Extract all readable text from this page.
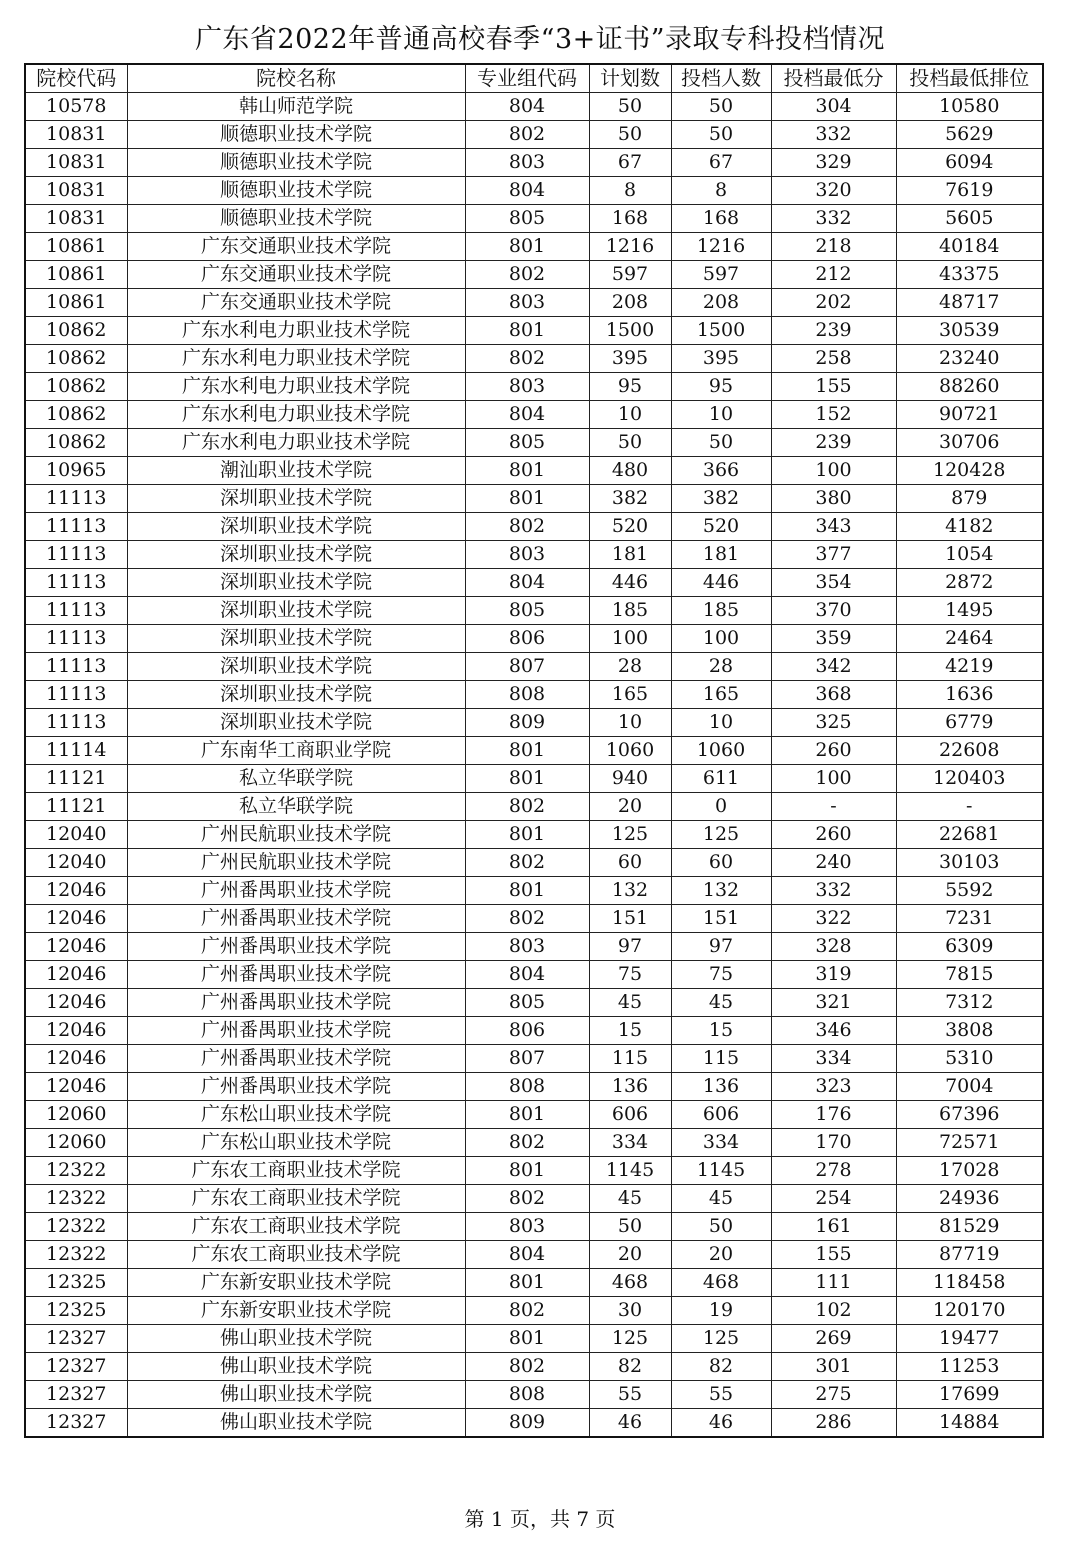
广东省2022年普通高校春季“3+证书”录取专科投档情况
院校代码	院校名称	专业组代码	计划数	投档人数	投档最低分	投档最低排位
10578	韩山师范学院	804	50	50	304	10580
10831	顺德职业技术学院	802	50	50	332	5629
10831	顺德职业技术学院	803	67	67	329	6094
10831	顺德职业技术学院	804	8	8	320	7619
10831	顺德职业技术学院	805	168	168	332	5605
10861	广东交通职业技术学院	801	1216	1216	218	40184
10861	广东交通职业技术学院	802	597	597	212	43375
10861	广东交通职业技术学院	803	208	208	202	48717
10862	广东水利电力职业技术学院	801	1500	1500	239	30539
10862	广东水利电力职业技术学院	802	395	395	258	23240
10862	广东水利电力职业技术学院	803	95	95	155	88260
10862	广东水利电力职业技术学院	804	10	10	152	90721
10862	广东水利电力职业技术学院	805	50	50	239	30706
10965	潮汕职业技术学院	801	480	366	100	120428
11113	深圳职业技术学院	801	382	382	380	879
11113	深圳职业技术学院	802	520	520	343	4182
11113	深圳职业技术学院	803	181	181	377	1054
11113	深圳职业技术学院	804	446	446	354	2872
11113	深圳职业技术学院	805	185	185	370	1495
11113	深圳职业技术学院	806	100	100	359	2464
11113	深圳职业技术学院	807	28	28	342	4219
11113	深圳职业技术学院	808	165	165	368	1636
11113	深圳职业技术学院	809	10	10	325	6779
11114	广东南华工商职业学院	801	1060	1060	260	22608
11121	私立华联学院	801	940	611	100	120403
11121	私立华联学院	802	20	0	-	-
12040	广州民航职业技术学院	801	125	125	260	22681
12040	广州民航职业技术学院	802	60	60	240	30103
12046	广州番禺职业技术学院	801	132	132	332	5592
12046	广州番禺职业技术学院	802	151	151	322	7231
12046	广州番禺职业技术学院	803	97	97	328	6309
12046	广州番禺职业技术学院	804	75	75	319	7815
12046	广州番禺职业技术学院	805	45	45	321	7312
12046	广州番禺职业技术学院	806	15	15	346	3808
12046	广州番禺职业技术学院	807	115	115	334	5310
12046	广州番禺职业技术学院	808	136	136	323	7004
12060	广东松山职业技术学院	801	606	606	176	67396
12060	广东松山职业技术学院	802	334	334	170	72571
12322	广东农工商职业技术学院	801	1145	1145	278	17028
12322	广东农工商职业技术学院	802	45	45	254	24936
12322	广东农工商职业技术学院	803	50	50	161	81529
12322	广东农工商职业技术学院	804	20	20	155	87719
12325	广东新安职业技术学院	801	468	468	111	118458
12325	广东新安职业技术学院	802	30	19	102	120170
12327	佛山职业技术学院	801	125	125	269	19477
12327	佛山职业技术学院	802	82	82	301	11253
12327	佛山职业技术学院	808	55	55	275	17699
12327	佛山职业技术学院	809	46	46	286	14884
第 1 页，共 7 页
